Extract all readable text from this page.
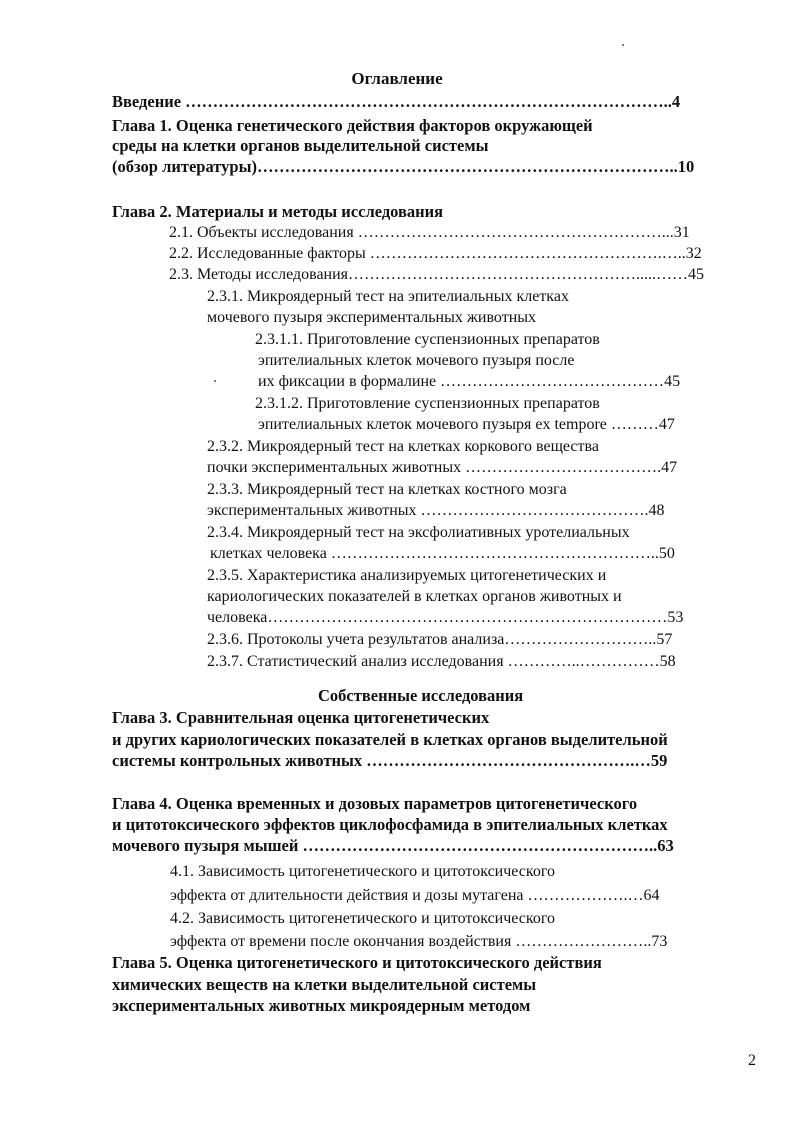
Оглавление
Введение ……………………………………………………………………………..4
Глава 1. Оценка генетического действия факторов окружающей
среды на клетки органов выделительной системы
(обзор литературы)…………………………………………………………………..10
Глава 2. Материалы и методы исследования
2.1. Объекты исследования …………………………………………………...31
2.2. Исследованные факторы ……………………………………………….…..32
2.3. Методы исследования……………………………………………….....……45
2.3.1. Микроядерный тест на эпителиальных клетках
мочевого пузыря экспериментальных животных
2.3.1.1. Приготовление суспензионных препаратов
эпителиальных клеток мочевого пузыря после
их фиксации в формалине ……………………………………45
2.3.1.2. Приготовление суспензионных препаратов
эпителиальных клеток мочевого пузыря ex tempore ………47
2.3.2. Микроядерный тест на клетках коркового вещества
почки экспериментальных животных ……………………………….47
2.3.3. Микроядерный тест на клетках костного мозга
экспериментальных животных …………………………………….48
2.3.4. Микроядерный тест на эксфолиативных уротелиальных
клетках человека ……………………………………………………..50
2.3.5. Характеристика анализируемых цитогенетических и
кариологических показателей в клетках органов животных и
человека…………………………………………………………………53
2.3.6. Протоколы учета результатов анализа………………………..57
2.3.7. Статистический анализ исследования …………..……………58
Собственные исследования
Глава 3. Сравнительная оценка цитогенетических
и других кариологических показателей в клетках органов выделительной
системы контрольных животных ………………………………………….…59
Глава 4. Оценка временных и дозовых параметров цитогенетического
и цитотоксического эффектов циклофосфамида в эпителиальных клетках
мочевого пузыря мышей ………………………………………………………..63
4.1. Зависимость цитогенетического и цитотоксического
эффекта от длительности действия и дозы мутагена ……………….…64
4.2. Зависимость цитогенетического и цитотоксического
эффекта от времени после окончания воздействия ……………………..73
Глава 5. Оценка цитогенетического и цитотоксического действия
химических веществ на клетки выделительной системы
экспериментальных животных микроядерным методом
2
